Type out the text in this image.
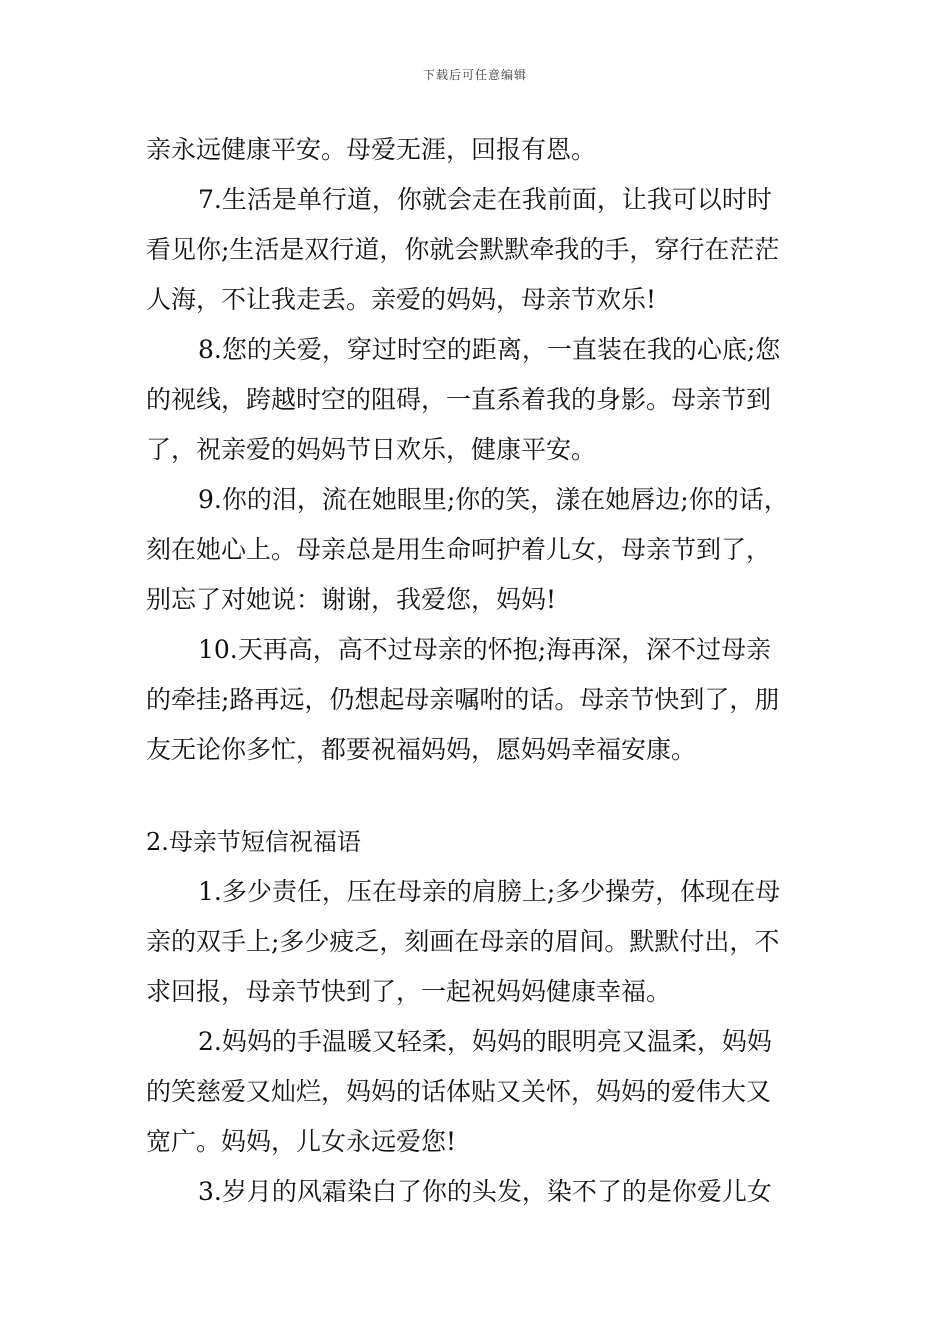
下载后可任意编辑
亲永远健康平安。母爱无涯，回报有恩。
7.生活是单行道，你就会走在我前面，让我可以时时
看见你;生活是双行道，你就会默默牵我的手，穿行在茫茫
人海，不让我走丢。亲爱的妈妈，母亲节欢乐!
8.您的关爱，穿过时空的距离，一直装在我的心底;您
的视线，跨越时空的阻碍，一直系着我的身影。母亲节到
了，祝亲爱的妈妈节日欢乐，健康平安。
9.你的泪，流在她眼里;你的笑，漾在她唇边;你的话，
刻在她心上。母亲总是用生命呵护着儿女，母亲节到了，
别忘了对她说：谢谢，我爱您，妈妈!
10.天再高，高不过母亲的怀抱;海再深，深不过母亲
的牵挂;路再远，仍想起母亲嘱咐的话。母亲节快到了，朋
友无论你多忙，都要祝福妈妈，愿妈妈幸福安康。
2.母亲节短信祝福语
1.多少责任，压在母亲的肩膀上;多少操劳，体现在母
亲的双手上;多少疲乏，刻画在母亲的眉间。默默付出，不
求回报，母亲节快到了，一起祝妈妈健康幸福。
2.妈妈的手温暖又轻柔，妈妈的眼明亮又温柔，妈妈
的笑慈爱又灿烂，妈妈的话体贴又关怀，妈妈的爱伟大又
宽广。妈妈，儿女永远爱您!
3.岁月的风霜染白了你的头发，染不了的是你爱儿女
